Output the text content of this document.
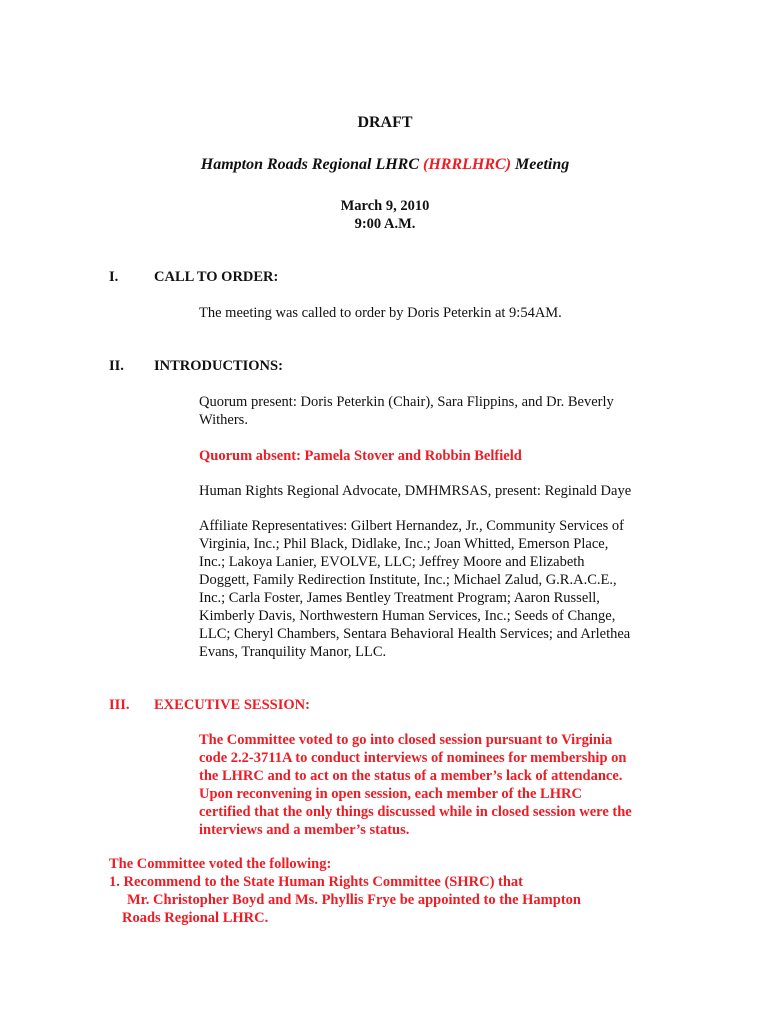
DRAFT
Hampton Roads Regional LHRC (HRRLHRC) Meeting
March 9, 2010
9:00 A.M.
I. CALL TO ORDER:
The meeting was called to order by Doris Peterkin at 9:54AM.
II. INTRODUCTIONS:
Quorum present: Doris Peterkin (Chair), Sara Flippins, and Dr. Beverly
Withers.
Quorum absent: Pamela Stover and Robbin Belfield
Human Rights Regional Advocate, DMHMRSAS, present: Reginald Daye
Affiliate Representatives: Gilbert Hernandez, Jr., Community Services of
Virginia, Inc.; Phil Black, Didlake, Inc.; Joan Whitted, Emerson Place,
Inc.; Lakoya Lanier, EVOLVE, LLC; Jeffrey Moore and Elizabeth
Doggett, Family Redirection Institute, Inc.; Michael Zalud, G.R.A.C.E.,
Inc.; Carla Foster, James Bentley Treatment Program; Aaron Russell,
Kimberly Davis, Northwestern Human Services, Inc.; Seeds of Change,
LLC; Cheryl Chambers, Sentara Behavioral Health Services; and Arlethea
Evans, Tranquility Manor, LLC.
III. EXECUTIVE SESSION:
The Committee voted to go into closed session pursuant to Virginia
code 2.2-3711A to conduct interviews of nominees for membership on
the LHRC and to act on the status of a member’s lack of attendance.
Upon reconvening in open session, each member of the LHRC
certified that the only things discussed while in closed session were the
interviews and a member’s status.
The Committee voted the following:
1. Recommend to the State Human Rights Committee (SHRC) that
Mr. Christopher Boyd and Ms. Phyllis Frye be appointed to the Hampton
Roads Regional LHRC.
